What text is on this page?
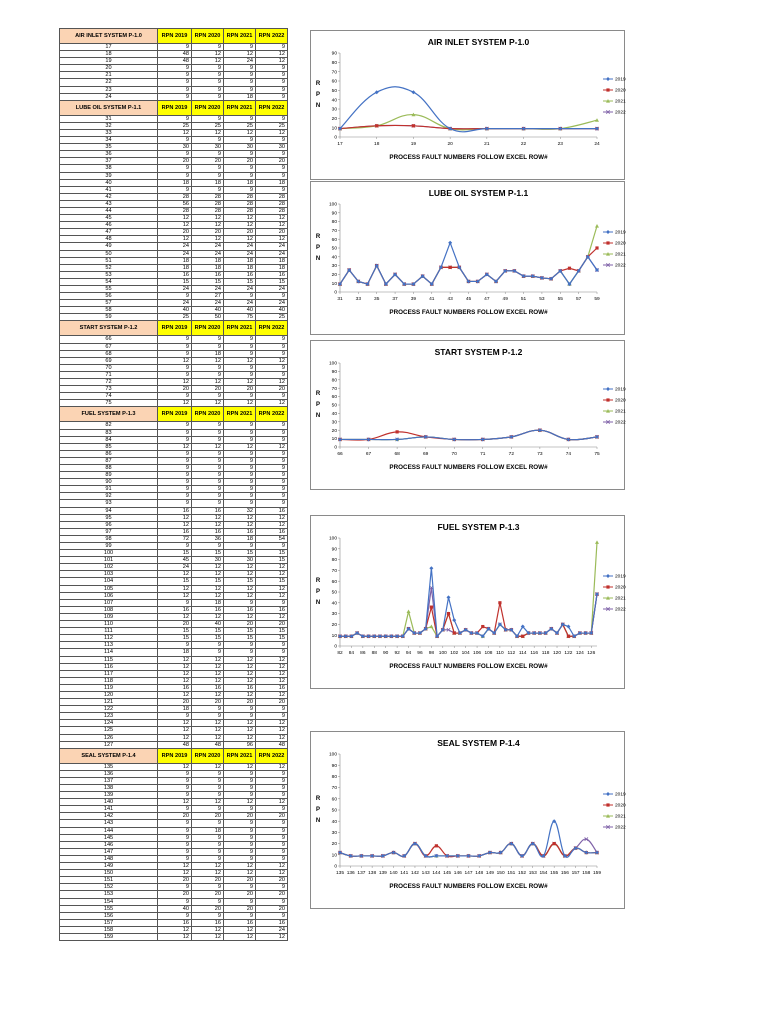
AIR INLET SYSTEM P-1.0	RPN 2019	RPN 2020	RPN 2021	RPN 2022
17	9	9	9	9
18	48	12	12	12
19	48	12	24	12
20	9	9	9	9
21	9	9	9	9
22	9	9	9	9
23	9	9	9	9
24	9	9	18	9
LUBE OIL SYSTEM P-1.1	RPN 2019	RPN 2020	RPN 2021	RPN 2022
31	9	9	9	9
32	25	25	25	25
33	12	12	12	12
34	9	9	9	9
35	30	30	30	30
36	9	9	9	9
37	20	20	20	20
38	9	9	9	9
39	9	9	9	9
40	18	18	18	18
41	9	9	9	9
42	28	28	28	28
43	56	28	28	28
44	28	28	28	28
45	12	12	12	12
46	12	12	12	12
47	20	20	20	20
48	12	12	12	12
49	24	24	24	24
50	24	24	24	24
51	18	18	18	18
52	18	18	18	18
53	16	16	16	16
54	15	15	15	15
55	24	24	24	24
56	9	27	9	9
57	24	24	24	24
58	40	40	40	40
59	25	50	75	25
START SYSTEM P-1.2	RPN 2019	RPN 2020	RPN 2021	RPN 2022
66	9	9	9	9
67	9	9	9	9
68	9	18	9	9
69	12	12	12	12
70	9	9	9	9
71	9	9	9	9
72	12	12	12	12
73	20	20	20	20
74	9	9	9	9
75	12	12	12	12
FUEL SYSTEM P-1.3	RPN 2019	RPN 2020	RPN 2021	RPN 2022
82	9	9	9	9
83	9	9	9	9
84	9	9	9	9
85	12	12	12	12
86	9	9	9	9
87	9	9	9	9
88	9	9	9	9
89	9	9	9	9
90	9	9	9	9
91	9	9	9	9
92	9	9	9	9
93	9	9	9	9
94	16	16	32	16
95	12	12	12	12
96	12	12	12	12
97	16	16	16	16
98	72	36	18	54
99	9	9	9	9
100	15	15	15	15
101	45	30	30	15
102	24	12	12	12
103	12	12	12	12
104	15	15	15	15
105	12	12	12	12
106	12	12	12	12
107	9	18	9	9
108	16	16	16	16
109	12	12	12	12
110	20	40	20	20
111	15	15	15	15
112	15	15	15	15
113	9	9	9	9
114	18	9	9	9
115	12	12	12	12
116	12	12	12	12
117	12	12	12	12
118	12	12	12	12
119	16	16	16	16
120	12	12	12	12
121	20	20	20	20
122	18	9	9	9
123	9	9	9	9
124	12	12	12	12
125	12	12	12	12
126	12	12	12	12
127	48	48	96	48
SEAL SYSTEM P-1.4	RPN 2019	RPN 2020	RPN 2021	RPN 2022
135	12	12	12	12
136	9	9	9	9
137	9	9	9	9
138	9	9	9	9
139	9	9	9	9
140	12	12	12	12
141	9	9	9	9
142	20	20	20	20
143	9	9	9	9
144	9	18	9	9
145	9	9	9	9
146	9	9	9	9
147	9	9	9	9
148	9	9	9	9
149	12	12	12	12
150	12	12	12	12
151	20	20	20	20
152	9	9	9	9
153	20	20	20	20
154	9	9	9	9
155	40	20	20	20
156	9	9	9	9
157	16	16	16	16
158	12	12	12	24
159	12	12	12	12
AIR INLET SYSTEM P-1.0
0
10
20
30
40
50
60
70
80
90
17	18	19	20	21	22	23	24
R
P
N
PROCESS FAULT NUMBERS FOLLOW EXCEL ROW#
2019
2020
2021
2022
LUBE OIL SYSTEM P-1.1
0
10
20
30
40
50
60
70
80
90
100
31	33	35	37	39	41	43	45	47	49	51	53	55	57	59
R
P
N
PROCESS FAULT NUMBERS FOLLOW EXCEL ROW#
2019
2020
2021
2022
START SYSTEM P-1.2
0
10
20
30
40
50
60
70
80
90
100
66	67	68	69	70	71	72	73	74	75
R
P
N
PROCESS FAULT NUMBERS FOLLOW EXCEL ROW#
2019
2020
2021
2022
FUEL SYSTEM P-1.3
0
10
20
30
40
50
60
70
80
90
100
82 84 86 88 90 92 94 96 98 100 102 104 106 108 110 112 114 116 118 120 122 124 126
R
P
N
PROCESS FAULT NUMBERS FOLLOW EXCEL ROW#
2019
2020
2021
2022
SEAL SYSTEM P-1.4
0
10
20
30
40
50
60
70
80
90
100
135 136 137 138 139 140 141 142 143 144 145 146 147 148 149 150 151 152 153 154 155 156 157 158 159
R
P
N
PROCESS FAULT NUMBERS FOLLOW EXCEL ROW#
2019
2020
2021
2022
